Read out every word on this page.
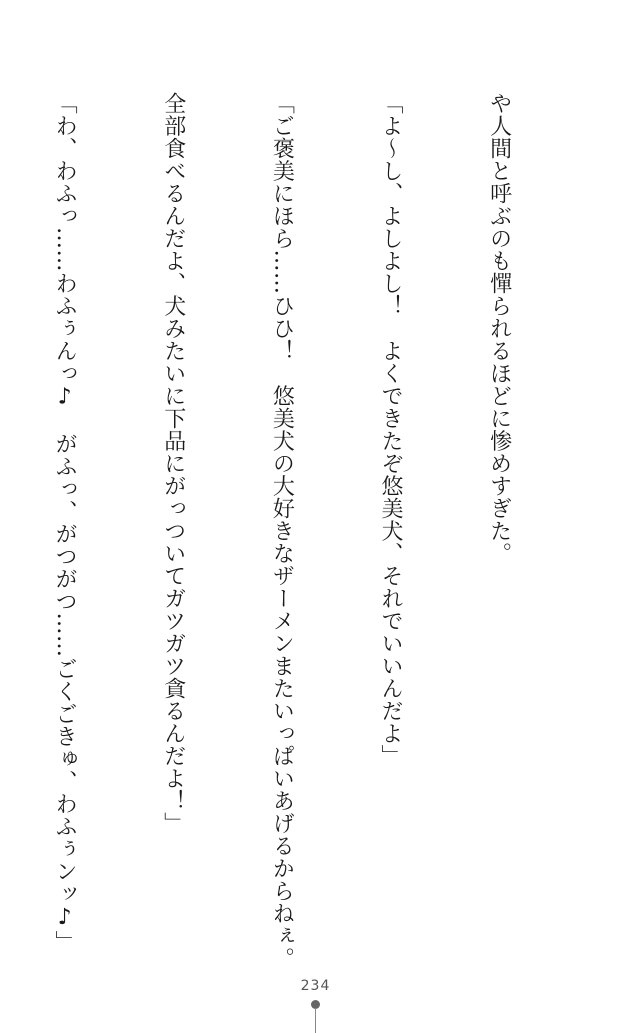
や人間と呼ぶのも憚られるほどに惨めすぎた。

「よ～し、よしよし！　よくできたぞ悠美犬、それでいいんだよ」

「ご褒美にほら……ひひ！　悠美犬の大好きなザーメンまたいっぱいあげるからねぇ。

全部食べるんだよ、犬みたいに下品にがっついてガツガツ貪るんだよ！」

「わ、わふっ……わふぅんっ♪　がふっ、がつがつ……ごくごきゅ、わふぅンッ♪」

234
